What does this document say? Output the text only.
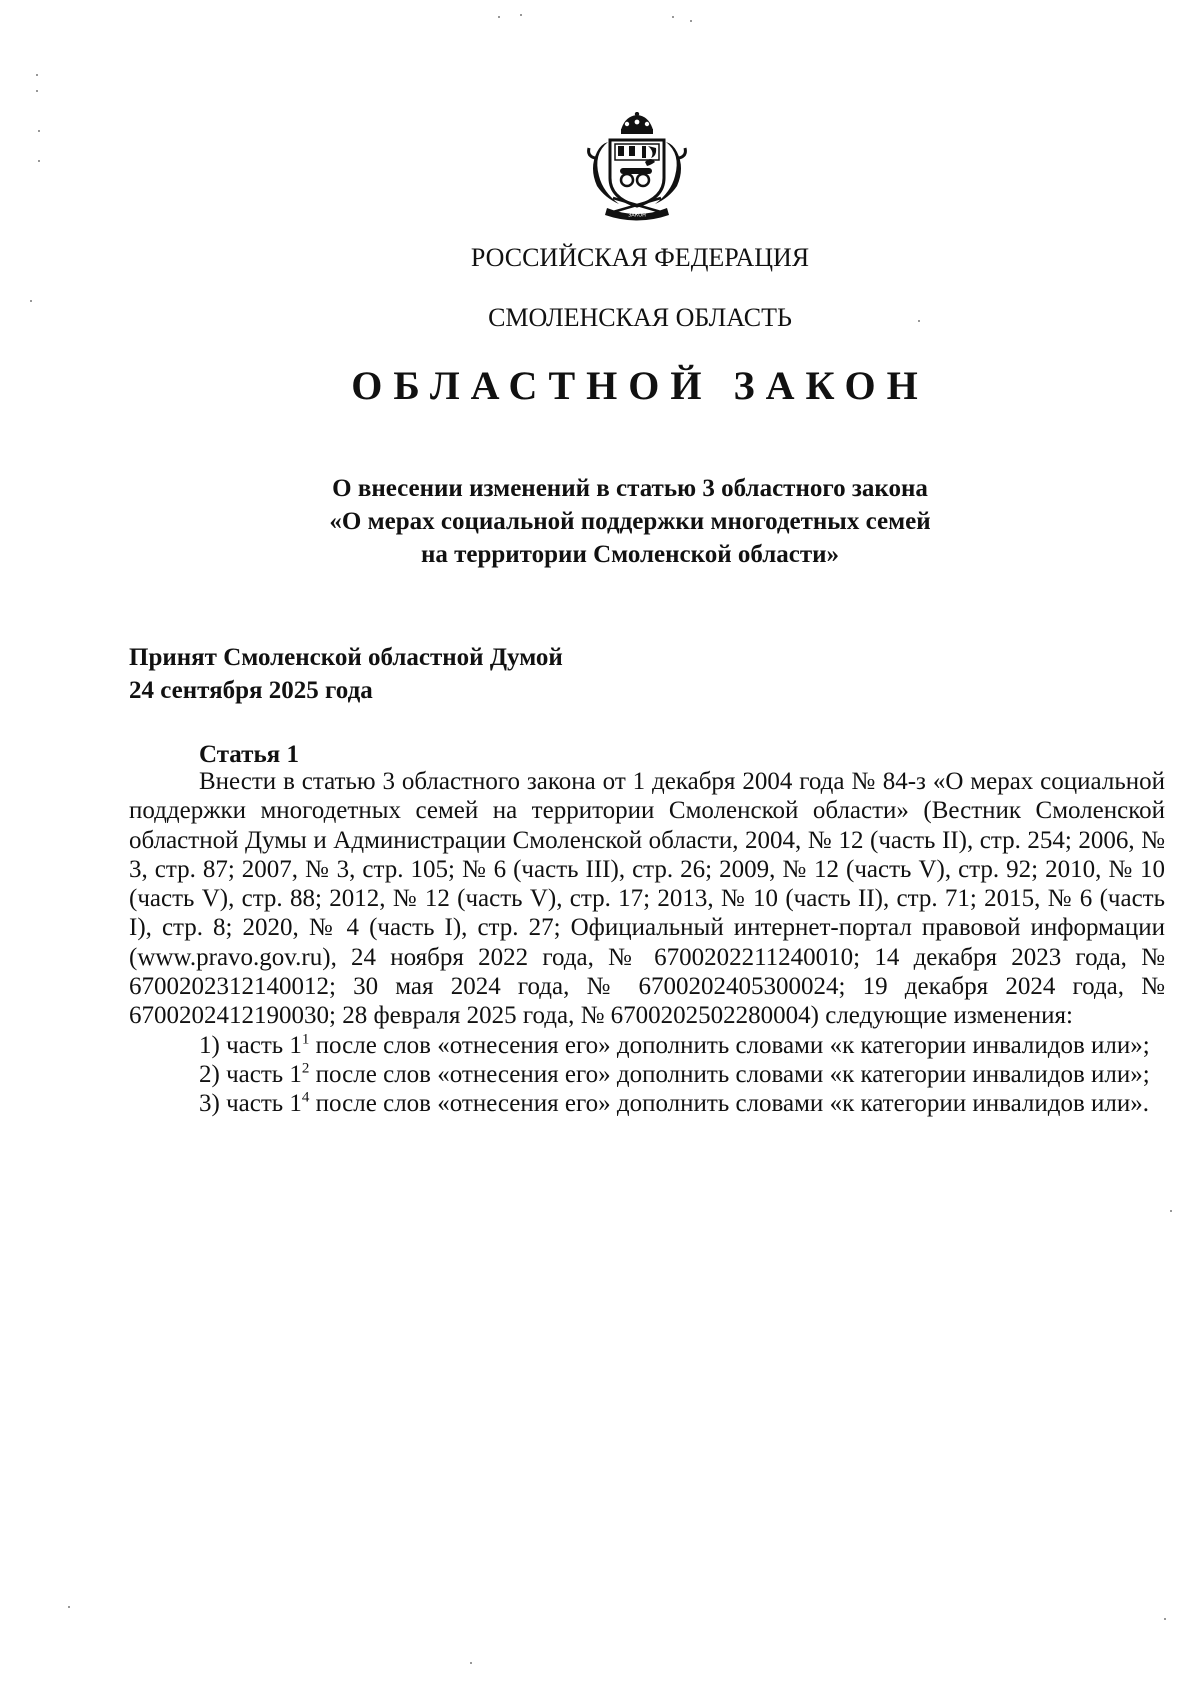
ЗАКОН
РОССИЙСКАЯ ФЕДЕРАЦИЯ
СМОЛЕНСКАЯ ОБЛАСТЬ
ОБЛАСТНОЙ ЗАКОН
О внесении изменений в статью 3 областного закона
«О мерах социальной поддержки многодетных семей
на территории Смоленской области»
Принят Смоленской областной Думой
24 сентября 2025 года
Статья 1

Внести в статью 3 областного закона от 1 декабря 2004 года № 84-з «О мерах социальной поддержки многодетных семей на территории Смоленской области» (Вестник Смоленской областной Думы и Администрации Смоленской области, 2004, № 12 (часть II), стр. 254; 2006, № 3, стр. 87; 2007, № 3, стр. 105; № 6 (часть III), стр. 26; 2009, № 12 (часть V), стр. 92; 2010, № 10 (часть V), стр. 88; 2012, № 12 (часть V), стр. 17; 2013, № 10 (часть II), стр. 71; 2015, № 6 (часть I), стр. 8; 2020, № 4 (часть I), стр. 27; Официальный интернет-портал правовой информации (www.pravo.gov.ru), 24 ноября 2022 года, № 6700202211240010; 14 декабря 2023 года, № 6700202312140012; 30 мая 2024 года, № 6700202405300024; 19 декабря 2024 года, № 6700202412190030; 28 февраля 2025 года, № 6700202502280004) следующие изменения:

1) часть $1^1$ после слов «отнесения его» дополнить словами «к категории инвалидов или»;

2) часть $1^2$ после слов «отнесения его» дополнить словами «к категории инвалидов или»;

3) часть $1^4$ после слов «отнесения его» дополнить словами «к категории инвалидов или».
